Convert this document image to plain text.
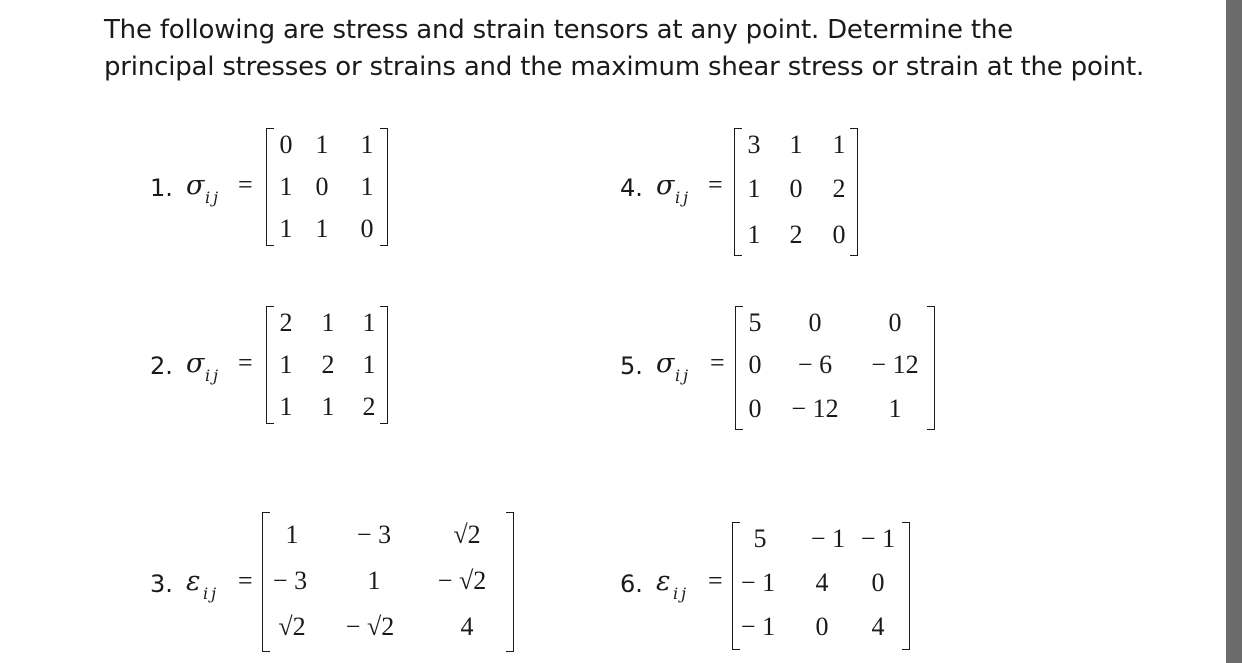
The following are stress and strain tensors at any point. Determine the
principal stresses or strains and the maximum shear stress or strain at the point.
1. σ ij =
0 1 1
1 0 1
1 1 0
2. σ ij =
2 1 1
1 2 1
1 1 2
3. ε ij =
1 − 3 √2
− 3 1 − √2
√2 − √2	4
4. σ ij =
3 1 1
1 0 2
1 2 0
5. σ ij =
5 0	0
0 − 6 − 12
0 − 12 1
6. ε ij =
5 − 1 − 1
− 1 4 0
− 1 0 4
